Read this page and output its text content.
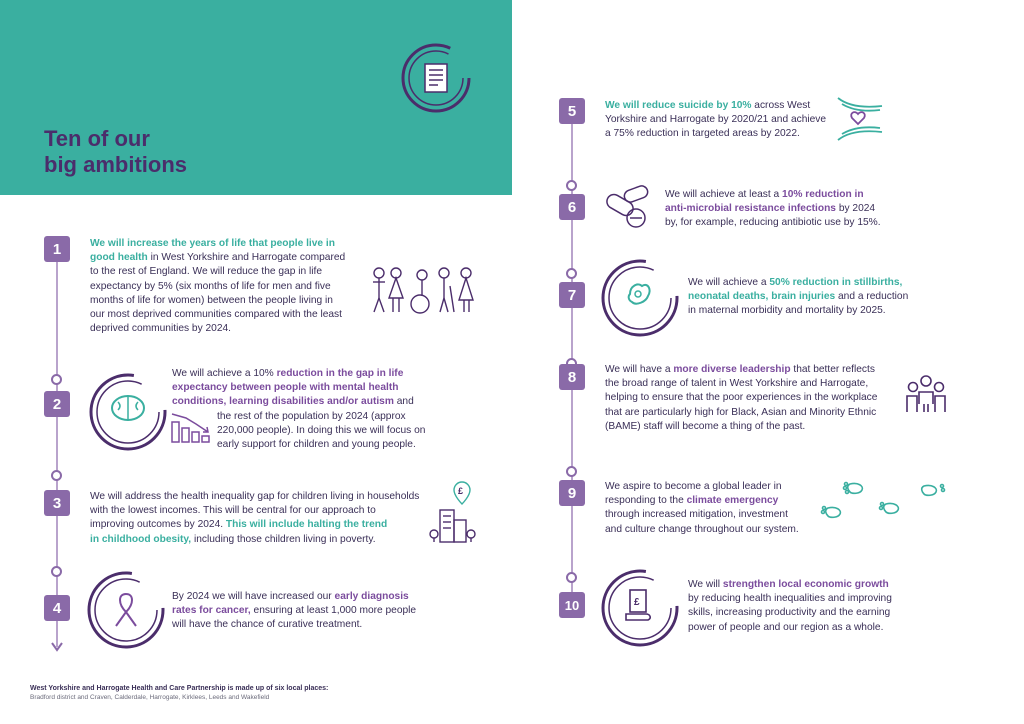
Ten of our
big ambitions
1	We will increase the years of life that people live in
good health in West Yorkshire and Harrogate compared
to the rest of England. We will reduce the gap in life
expectancy by 5% (six months of life for men and five
months of life for women) between the people living in
our most deprived communities compared with the least
deprived communities by 2024.
2
We will achieve a 10% reduction in the gap in life
expectancy between people with mental health
conditions, learning disabilities and/or autism and
the rest of the population by 2024 (approx
220,000 people). In doing this we will focus on
early support for children and young people.
3	We will address the health inequality gap for children living in households
with the lowest incomes. This will be central for our approach to
improving outcomes by 2024. This will include halting the trend
in childhood obesity, including those children living in poverty.
£
4
By 2024 we will have increased our early diagnosis
rates for cancer, ensuring at least 1,000 more people
will have the chance of curative treatment.
5	We will reduce suicide by 10% across West
Yorkshire and Harrogate by 2020/21 and achieve
a 75% reduction in targeted areas by 2022.
6
We will achieve at least a 10% reduction in
anti-microbial resistance infections by 2024
by, for example, reducing antibiotic use by 15%.
7
We will achieve a 50% reduction in stillbirths,
neonatal deaths, brain injuries and a reduction
in maternal morbidity and mortality by 2025.
8	We will have a more diverse leadership that better reflects
the broad range of talent in West Yorkshire and Harrogate,
helping to ensure that the poor experiences in the workplace
that are particularly high for Black, Asian and Minority Ethnic
(BAME) staff will become a thing of the past.
9	We aspire to become a global leader in
responding to the climate emergency
through increased mitigation, investment
and culture change throughout our system.
10	£
We will strengthen local economic growth
by reducing health inequalities and improving
skills, increasing productivity and the earning
power of people and our region as a whole.
West Yorkshire and Harrogate Health and Care Partnership is made up of six local places:
Bradford district and Craven, Calderdale, Harrogate, Kirklees, Leeds and Wakefield
